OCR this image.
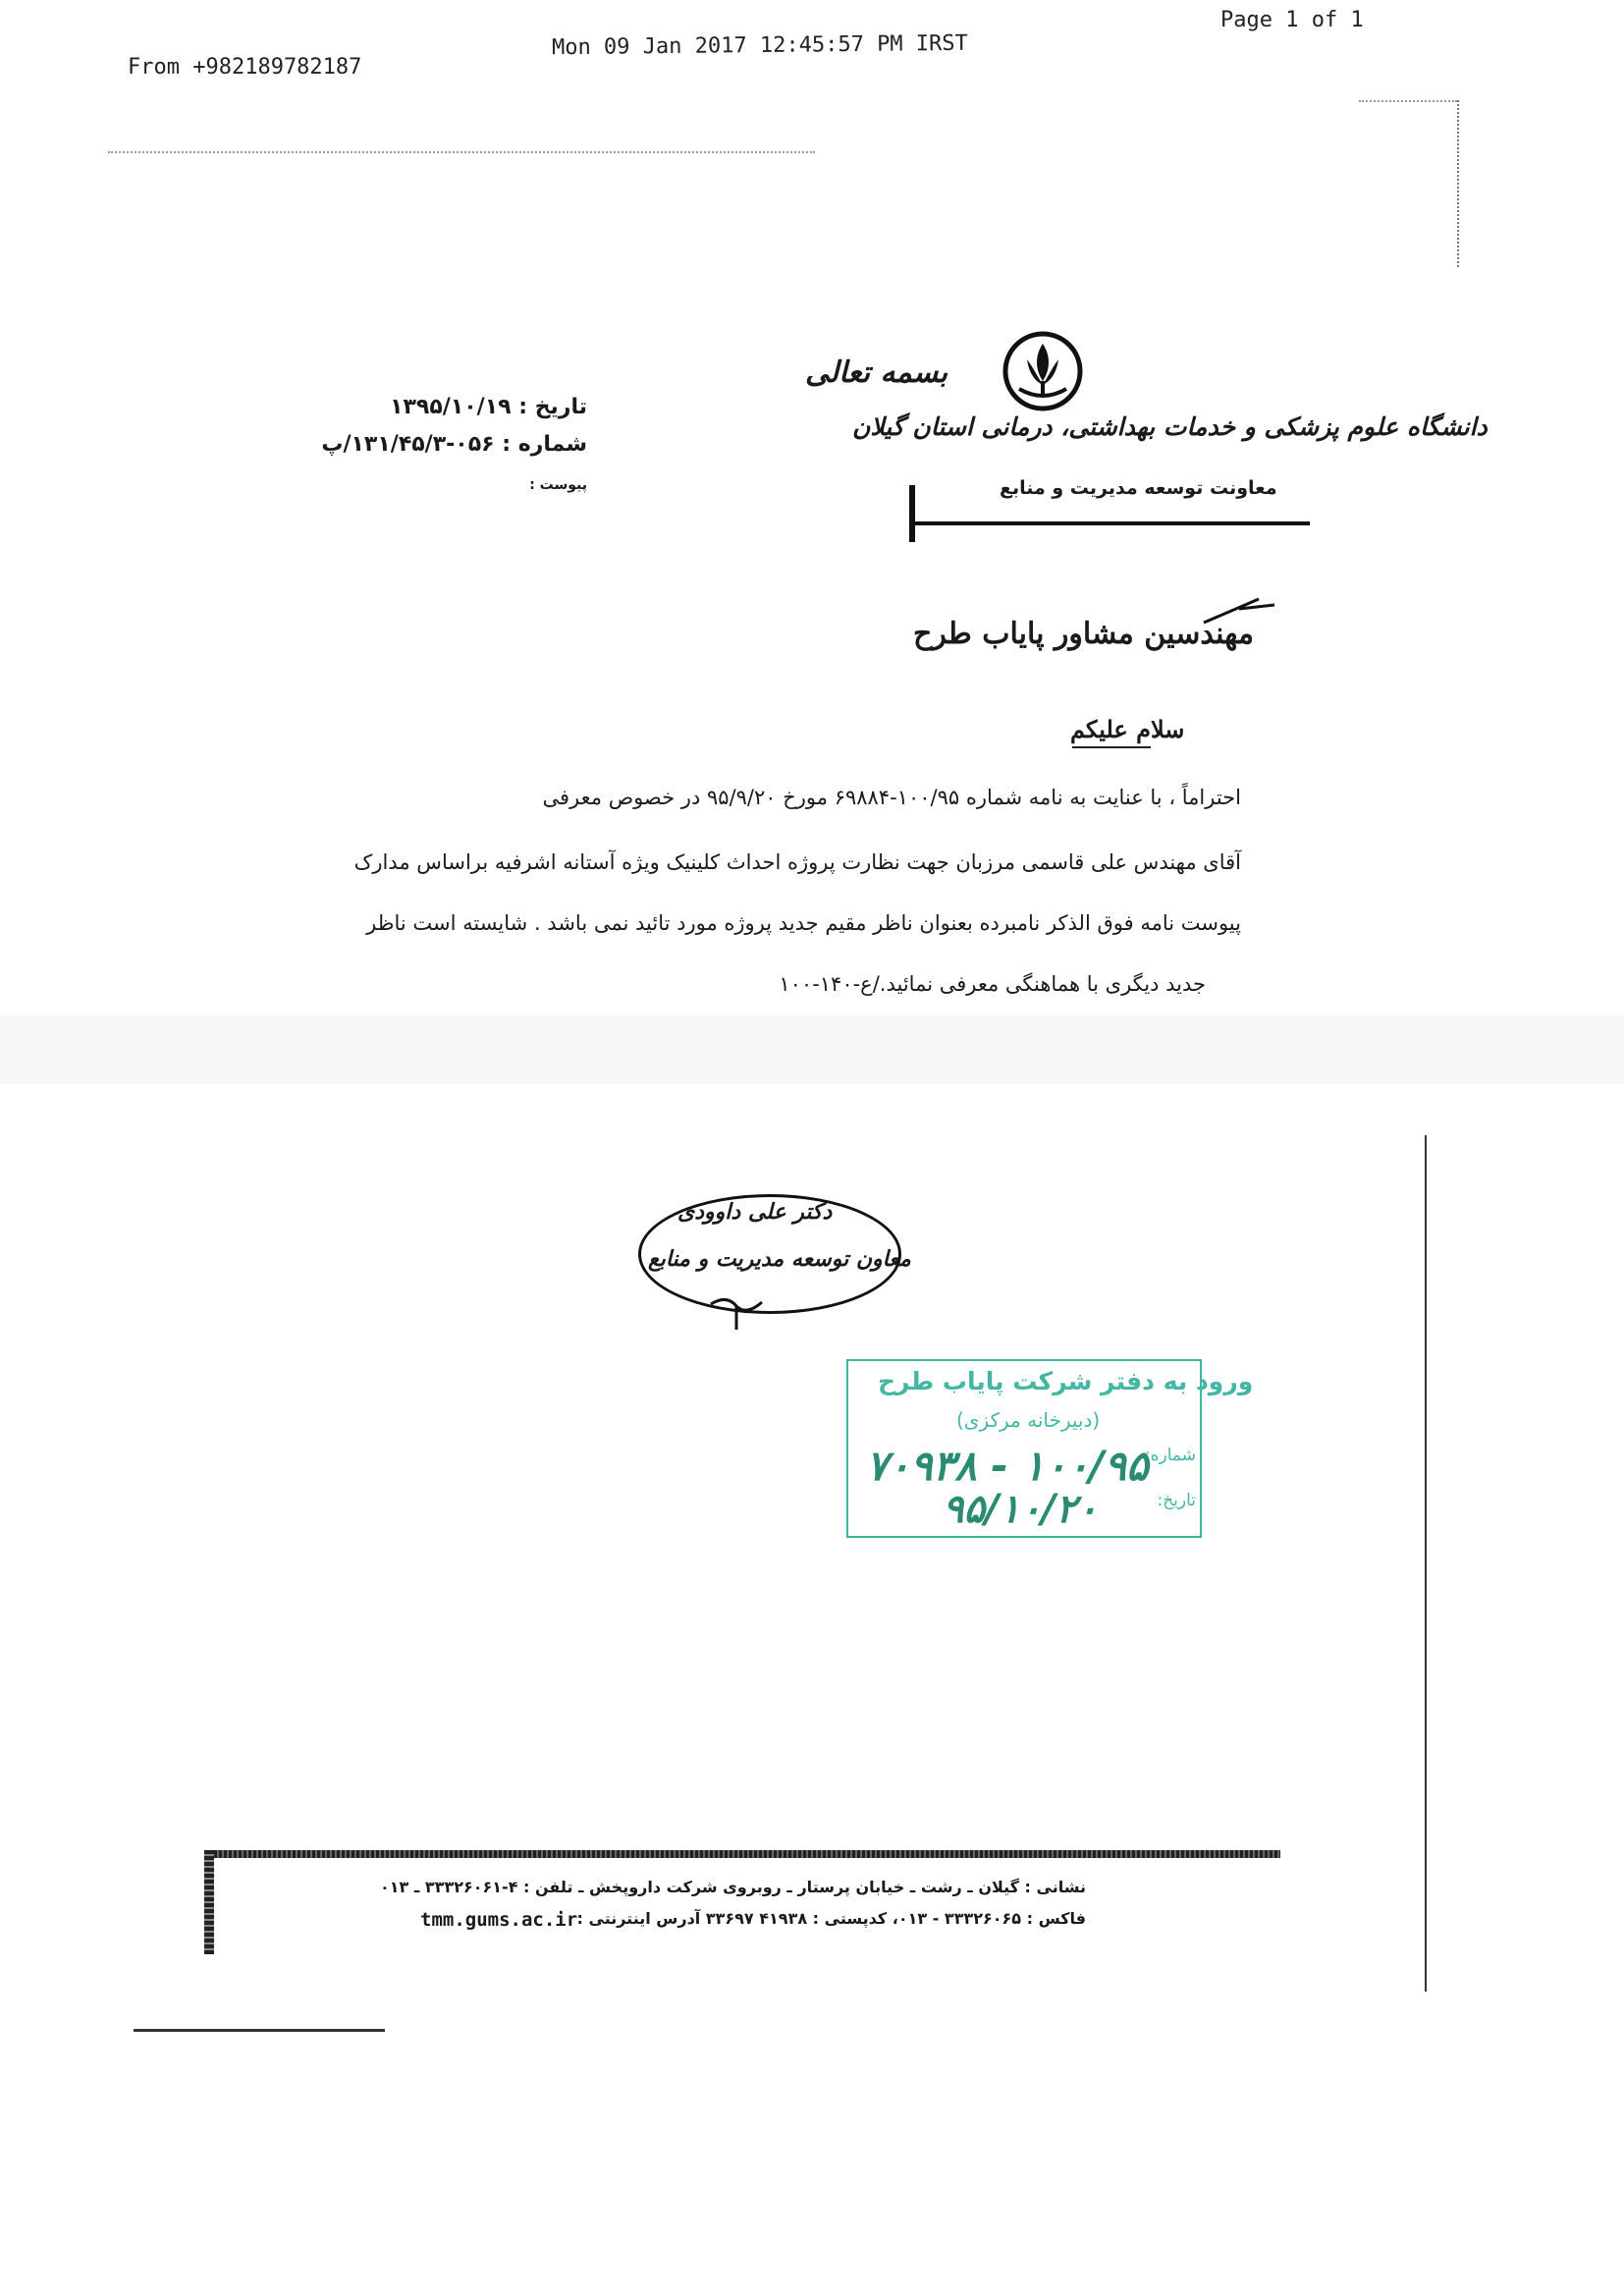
From +982189782187
Mon 09 Jan 2017 12:45:57 PM IRST
Page 1 of 1
بسمه تعالی
دانشگاه علوم پزشکی و خدمات بهداشتی، درمانی استان گیلان
معاونت توسعه مدیریت و منابع
تاریخ : ۱۳۹۵/۱۰/۱۹
شماره : ۰۵۶-۱۳۱/۴۵/۳/پ
پیوست :
مهندسین مشاور پایاب طرح
سلام علیکم
احتراماً ، با عنایت به نامه شماره ۱۰۰/۹۵-۶۹۸۸۴ مورخ ۹۵/۹/۲۰ در خصوص معرفی
آقای مهندس علی قاسمی مرزبان جهت نظارت پروژه احداث کلینیک ویژه آستانه اشرفیه براساس مدارک
پیوست نامه فوق الذکر نامبرده بعنوان ناظر مقیم جدید پروژه مورد تائید نمی باشد . شایسته است ناظر
جدید دیگری با هماهنگی معرفی نمائید./ع-۱۴۰-۱۰۰
دکتر علی داوودی
معاون توسعه مدیریت و منابع
ورود به دفتر شرکت پایاب طرح
(دبیرخانه مرکزی)
شماره:
تاریخ:
۷۰۹۳۸ - ۱۰۰/۹۵
۹۵/۱۰/۲۰
نشانی : گیلان ـ رشت ـ خیابان پرستار ـ روبروی شرکت داروپخش ـ تلفن : ۴-۳۳۳۲۶۰۶۱ ـ ۰۱۳
فاکس : ۳۳۳۲۶۰۶۵ - ۰۱۳، کدپستی : ۴۱۹۳۸ ۳۳۶۹۷ آدرس اینترنتی :
tmm.gums.ac.ir
